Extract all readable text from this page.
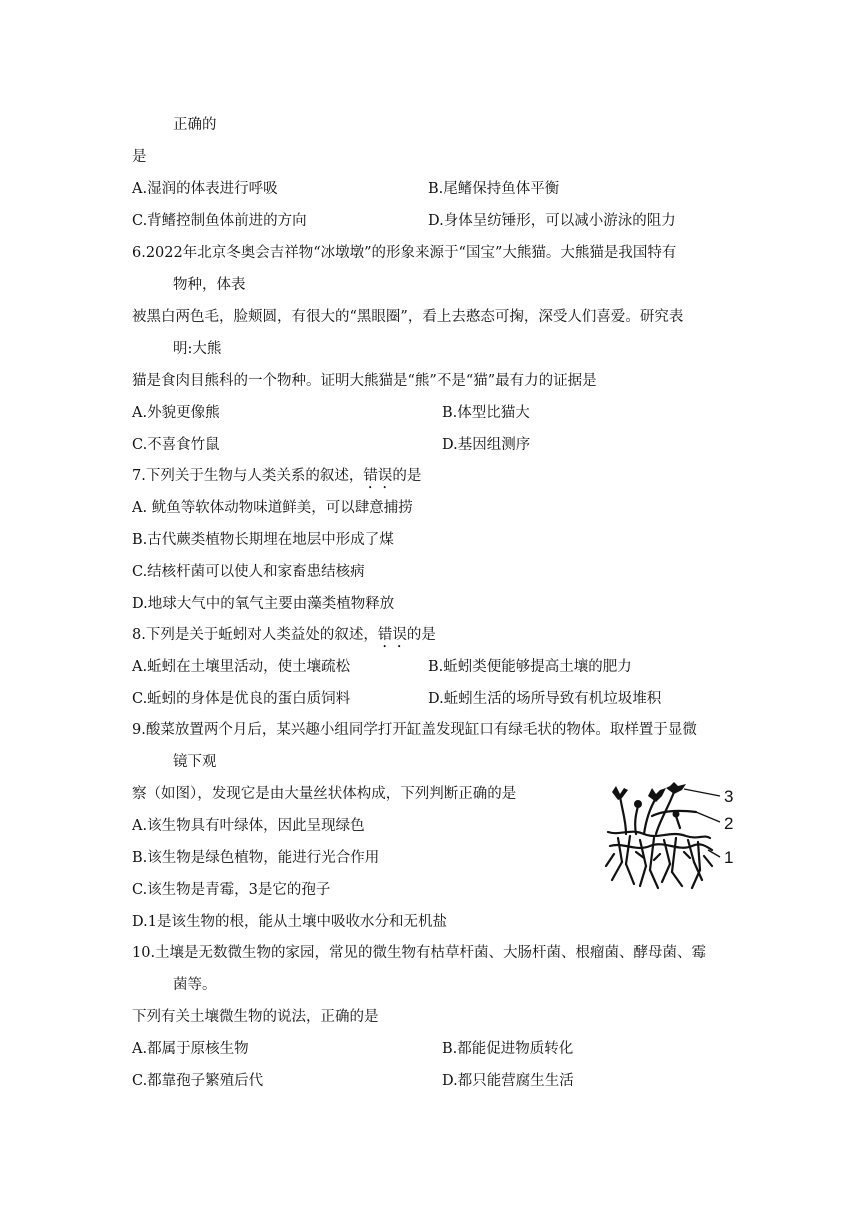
正确的
是
A.湿润的体表进行呼吸	B.尾鳍保持鱼体平衡
C.背鳍控制鱼体前进的方向	D.身体呈纺锤形，可以减小游泳的阻力
6.2022年北京冬奥会吉祥物“冰墩墩”的形象来源于“国宝”大熊猫。大熊猫是我国特有
物种，体表
被黑白两色毛，脸颊圆，有很大的“黑眼圈”，看上去憨态可掬，深受人们喜爱。研究表
明:大熊
猫是食肉目熊科的一个物种。证明大熊猫是“熊”不是“猫”最有力的证据是
A.外貌更像熊	B.体型比猫大
C.不喜食竹鼠	D.基因组测序
7.下列关于生物与人类关系的叙述，错误的是
A. 鱿鱼等软体动物味道鲜美，可以肆意捕捞
B.古代蕨类植物长期埋在地层中形成了煤
C.结核杆菌可以使人和家畜患结核病
D.地球大气中的氧气主要由藻类植物释放
8.下列是关于蚯蚓对人类益处的叙述，错误的是
A.蚯蚓在土壤里活动，使土壤疏松	B.蚯蚓类便能够提高土壤的肥力
C.蚯蚓的身体是优良的蛋白质饲料	D.蚯蚓生活的场所导致有机垃圾堆积
9.酸菜放置两个月后，某兴趣小组同学打开缸盖发现缸口有绿毛状的物体。取样置于显微
镜下观
察（如图），发现它是由大量丝状体构成，下列判断正确的是
A.该生物具有叶绿体，因此呈现绿色
B.该生物是绿色植物，能进行光合作用
C.该生物是青霉，3是它的孢子
D.1是该生物的根，能从土壤中吸收水分和无机盐
3
2
1
10.土壤是无数微生物的家园，常见的微生物有枯草杆菌、大肠杆菌、根瘤菌、酵母菌、霉
菌等。
下列有关土壤微生物的说法，正确的是
A.都属于原核生物	B.都能促进物质转化
C.都靠孢子繁殖后代	D.都只能营腐生生活
